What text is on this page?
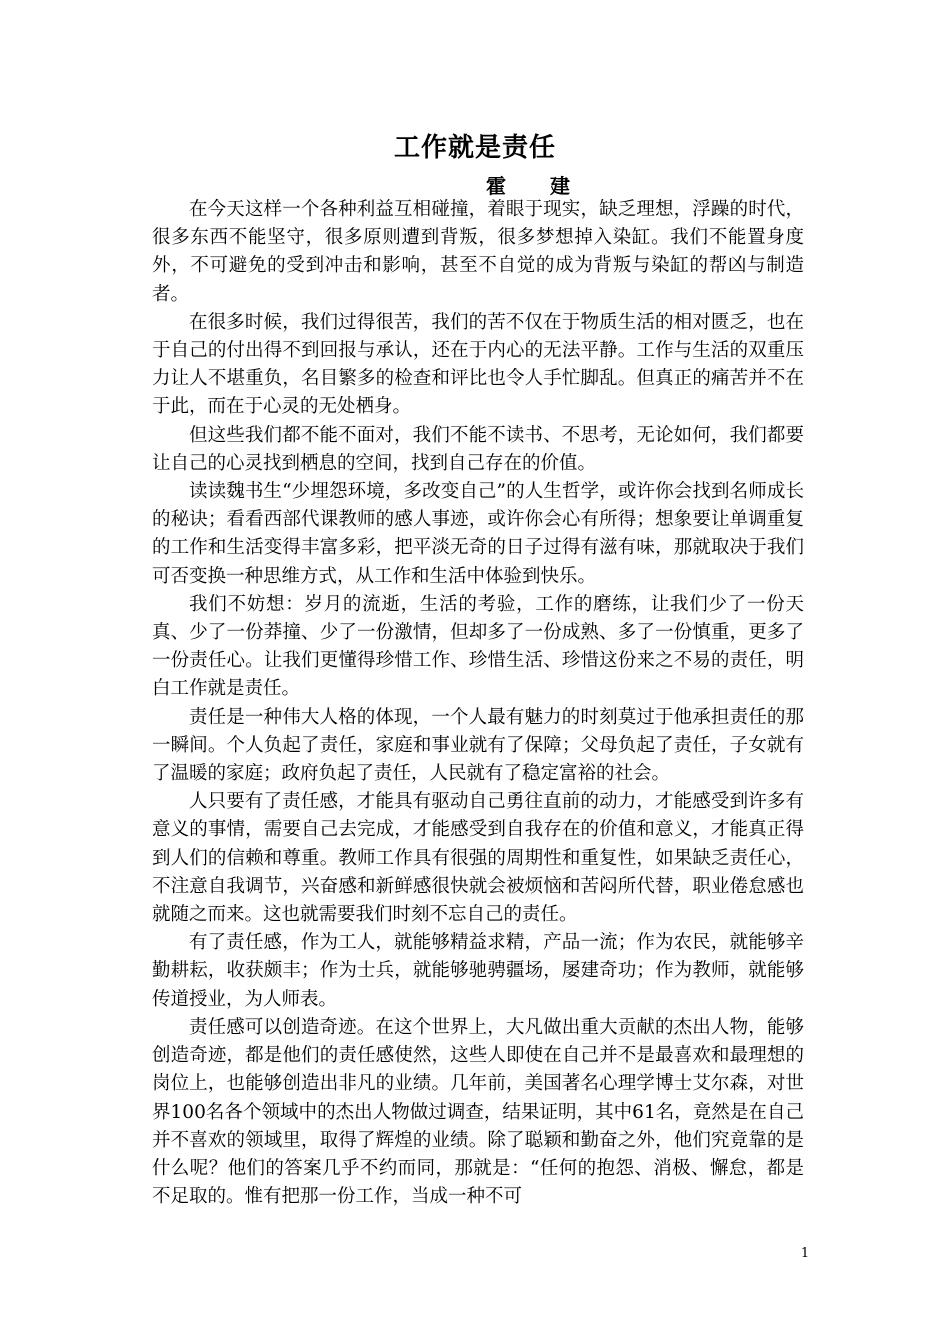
工作就是责任
霍　建

在今天这样一个各种利益互相碰撞，着眼于现实，缺乏理想，浮躁的时代，很多东西不能坚守，很多原则遭到背叛，很多梦想掉入染缸。我们不能置身度外，不可避免的受到冲击和影响，甚至不自觉的成为背叛与染缸的帮凶与制造者。

在很多时候，我们过得很苦，我们的苦不仅在于物质生活的相对匮乏，也在于自己的付出得不到回报与承认，还在于内心的无法平静。工作与生活的双重压力让人不堪重负，名目繁多的检查和评比也令人手忙脚乱。但真正的痛苦并不在于此，而在于心灵的无处栖身。

但这些我们都不能不面对，我们不能不读书、不思考，无论如何，我们都要让自己的心灵找到栖息的空间，找到自己存在的价值。

读读魏书生“少埋怨环境，多改变自己”的人生哲学，或许你会找到名师成长的秘诀；看看西部代课教师的感人事迹，或许你会心有所得；想象要让单调重复的工作和生活变得丰富多彩，把平淡无奇的日子过得有滋有味，那就取决于我们可否变换一种思维方式，从工作和生活中体验到快乐。

我们不妨想：岁月的流逝，生活的考验，工作的磨练，让我们少了一份天真、少了一份莽撞、少了一份激情，但却多了一份成熟、多了一份慎重，更多了一份责任心。让我们更懂得珍惜工作、珍惜生活、珍惜这份来之不易的责任，明白工作就是责任。

责任是一种伟大人格的体现，一个人最有魅力的时刻莫过于他承担责任的那一瞬间。个人负起了责任，家庭和事业就有了保障；父母负起了责任，子女就有了温暖的家庭；政府负起了责任，人民就有了稳定富裕的社会。

人只要有了责任感，才能具有驱动自己勇往直前的动力，才能感受到许多有意义的事情，需要自己去完成，才能感受到自我存在的价值和意义，才能真正得到人们的信赖和尊重。教师工作具有很强的周期性和重复性，如果缺乏责任心，不注意自我调节，兴奋感和新鲜感很快就会被烦恼和苦闷所代替，职业倦怠感也就随之而来。这也就需要我们时刻不忘自己的责任。

有了责任感，作为工人，就能够精益求精，产品一流；作为农民，就能够辛勤耕耘，收获颇丰；作为士兵，就能够驰骋疆场，屡建奇功；作为教师，就能够传道授业，为人师表。

责任感可以创造奇迹。在这个世界上，大凡做出重大贡献的杰出人物，能够创造奇迹，都是他们的责任感使然，这些人即使在自己并不是最喜欢和最理想的岗位上，也能够创造出非凡的业绩。几年前，美国著名心理学博士艾尔森，对世界100名各个领域中的杰出人物做过调查，结果证明，其中61名，竟然是在自己并不喜欢的领域里，取得了辉煌的业绩。除了聪颖和勤奋之外，他们究竟靠的是什么呢？他们的答案几乎不约而同，那就是：“任何的抱怨、消极、懈怠，都是不足取的。惟有把那一份工作，当成一种不可

1
